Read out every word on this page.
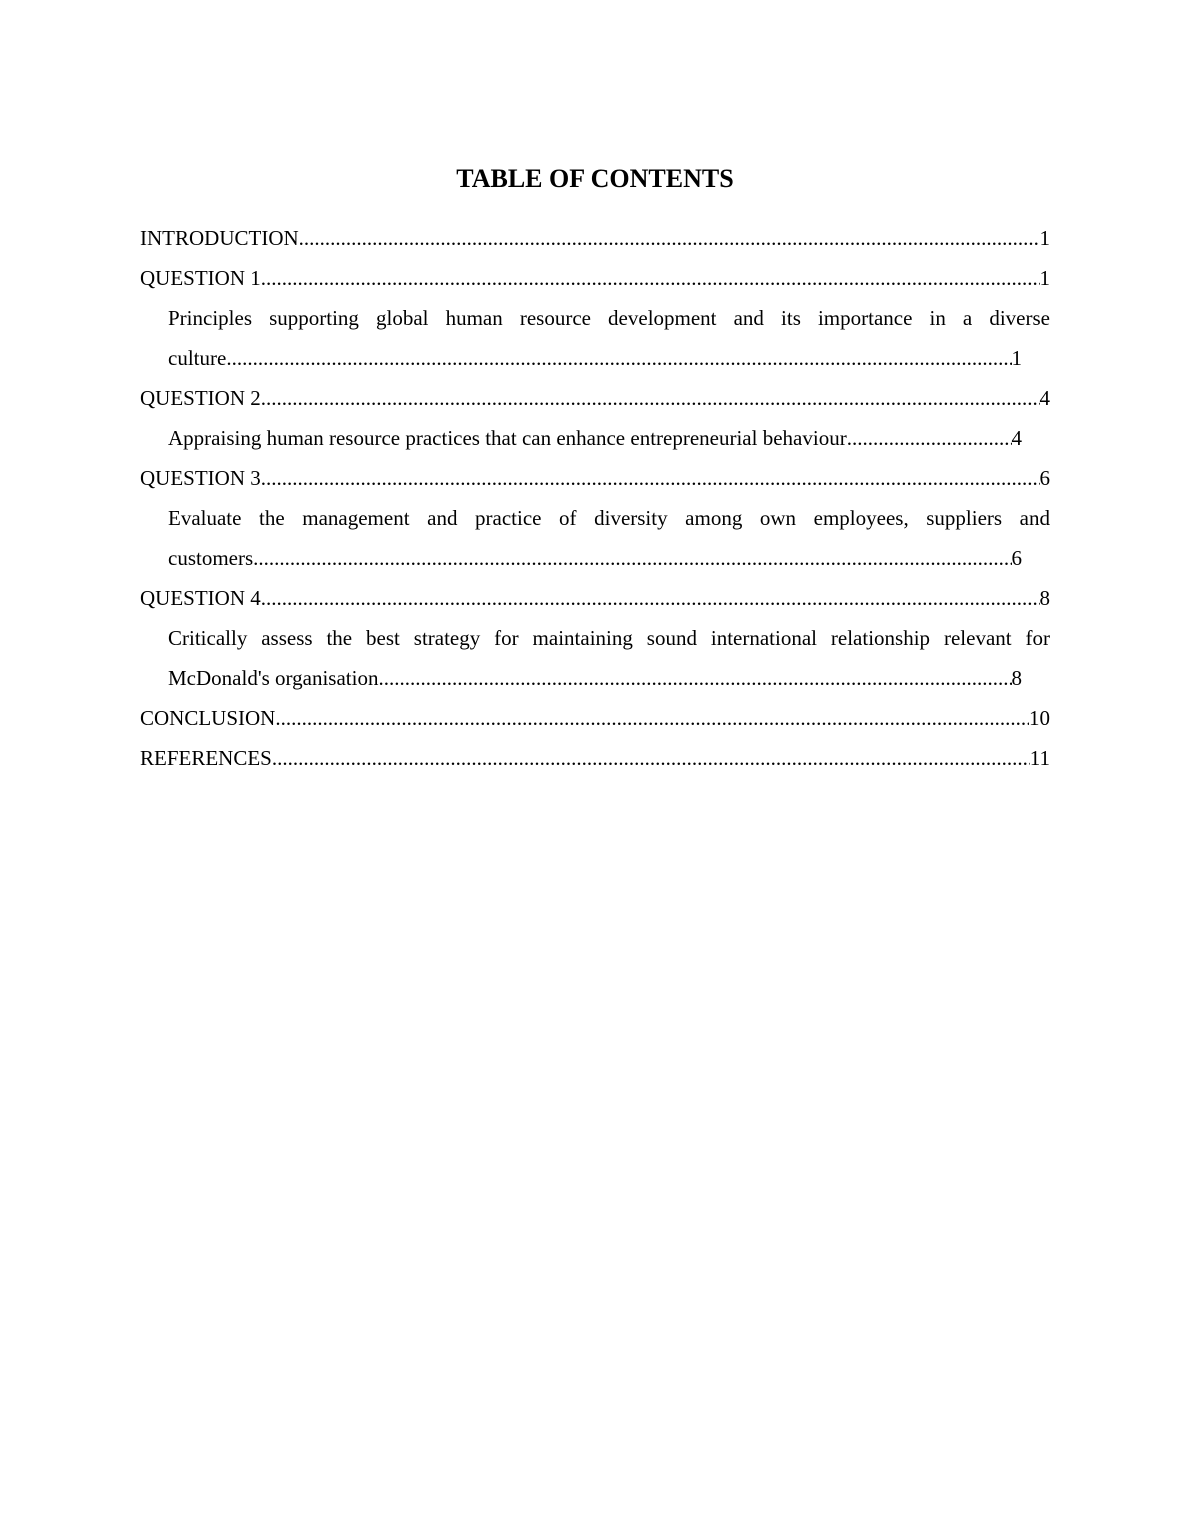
TABLE OF CONTENTS
INTRODUCTION .....	1
QUESTION 1 .....	1
Principles supporting global human resource development and its importance in a diverse
culture .....	1
QUESTION 2 .....	4
Appraising human resource practices that can enhance entrepreneurial behaviour .....	4
QUESTION 3 .....	6
Evaluate the management and practice of diversity among own employees, suppliers and
customers .....	6
QUESTION 4 .....	8
Critically assess the best strategy for maintaining sound international relationship relevant for
McDonald's organisation .....	8
CONCLUSION .....	10
REFERENCES .....	11
